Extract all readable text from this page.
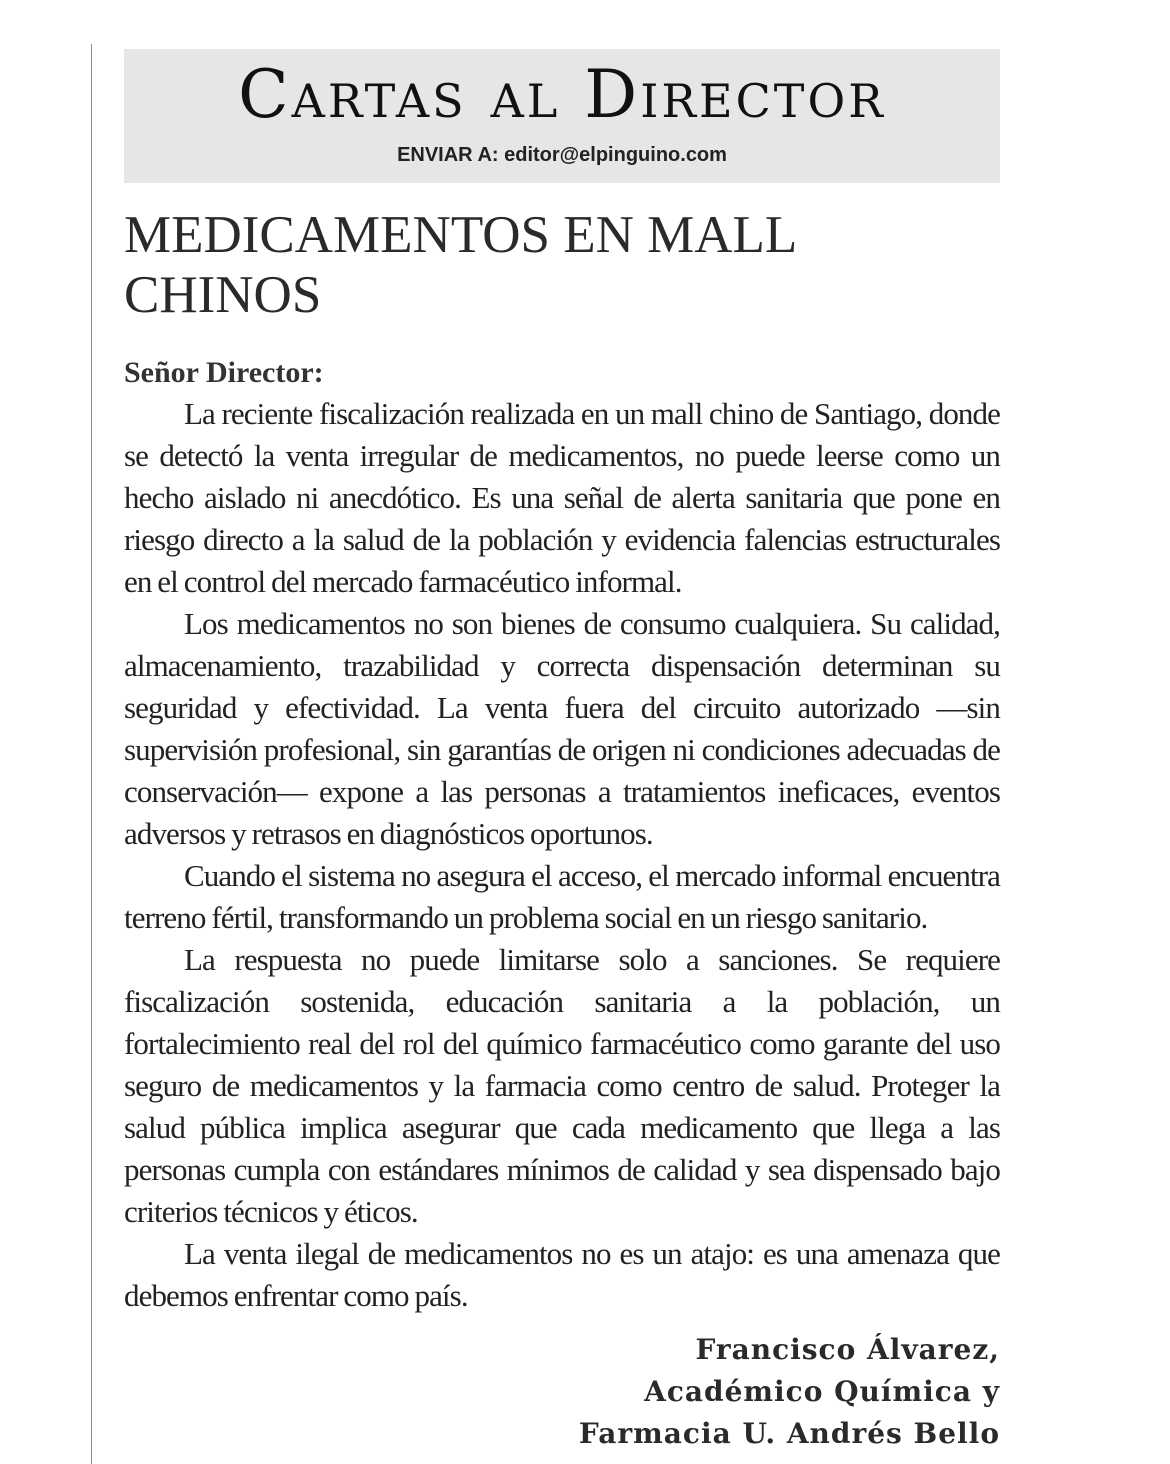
Cartas al Director
ENVIAR A: editor@elpinguino.com
MEDICAMENTOS EN MALL CHINOS
Señor Director:

La reciente fiscalización realizada en un mall chino de Santiago, donde se detectó la venta irregular de medicamentos, no puede leerse como un hecho aislado ni anecdótico. Es una señal de alerta sanitaria que pone en riesgo directo a la salud de la población y evidencia falencias estructurales en el control del mercado farmacéutico informal.

Los medicamentos no son bienes de consumo cualquiera. Su calidad, almacenamiento, trazabilidad y correcta dispensación determinan su seguridad y efectividad. La venta fuera del circuito autorizado —sin supervisión profesional, sin garantías de origen ni condiciones adecuadas de conservación— expone a las personas a tratamientos ineficaces, eventos adversos y retrasos en diagnósticos oportunos.

Cuando el sistema no asegura el acceso, el mercado informal encuentra terreno fértil, transformando un problema social en un riesgo sanitario.

La respuesta no puede limitarse solo a sanciones. Se requiere fiscalización sostenida, educación sanitaria a la población, un fortalecimiento real del rol del químico farmacéutico como garante del uso seguro de medicamentos y la farmacia como centro de salud. Proteger la salud pública implica asegurar que cada medicamento que llega a las personas cumpla con estándares mínimos de calidad y sea dispensado bajo criterios técnicos y éticos.

La venta ilegal de medicamentos no es un atajo: es una amenaza que debemos enfrentar como país.

Francisco Álvarez,
Académico Química y
Farmacia U. Andrés Bello
